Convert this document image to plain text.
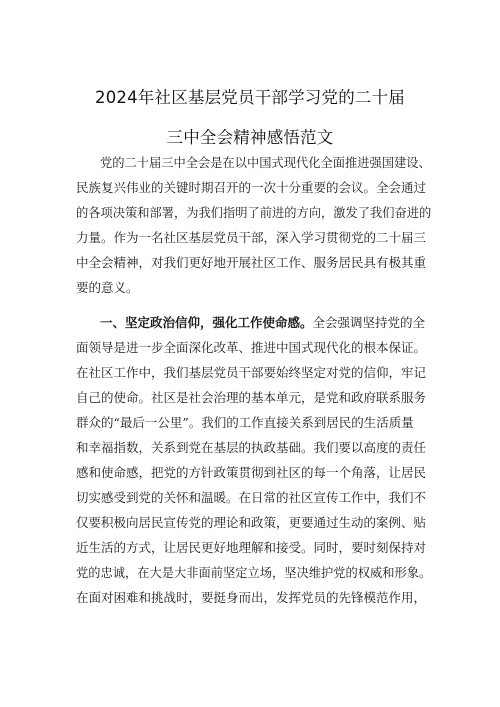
2024年社区基层党员干部学习党的二十届
三中全会精神感悟范文
党的二十届三中全会是在以中国式现代化全面推进强国建设、
民族复兴伟业的关键时期召开的一次十分重要的会议。全会通过
的各项决策和部署，为我们指明了前进的方向，激发了我们奋进的
力量。作为一名社区基层党员干部，深入学习贯彻党的二十届三
中全会精神，对我们更好地开展社区工作、服务居民具有极其重
要的意义。
一、坚定政治信仰，强化工作使命感。全会强调坚持党的全
面领导是进一步全面深化改革、推进中国式现代化的根本保证。
在社区工作中，我们基层党员干部要始终坚定对党的信仰，牢记
自己的使命。社区是社会治理的基本单元，是党和政府联系服务
群众的“最后一公里”。我们的工作直接关系到居民的生活质量
和幸福指数，关系到党在基层的执政基础。我们要以高度的责任
感和使命感，把党的方针政策贯彻到社区的每一个角落，让居民
切实感受到党的关怀和温暖。在日常的社区宣传工作中，我们不
仅要积极向居民宣传党的理论和政策，更要通过生动的案例、贴
近生活的方式，让居民更好地理解和接受。同时，要时刻保持对
党的忠诚，在大是大非面前坚定立场，坚决维护党的权威和形象。
在面对困难和挑战时，要挺身而出，发挥党员的先锋模范作用，
